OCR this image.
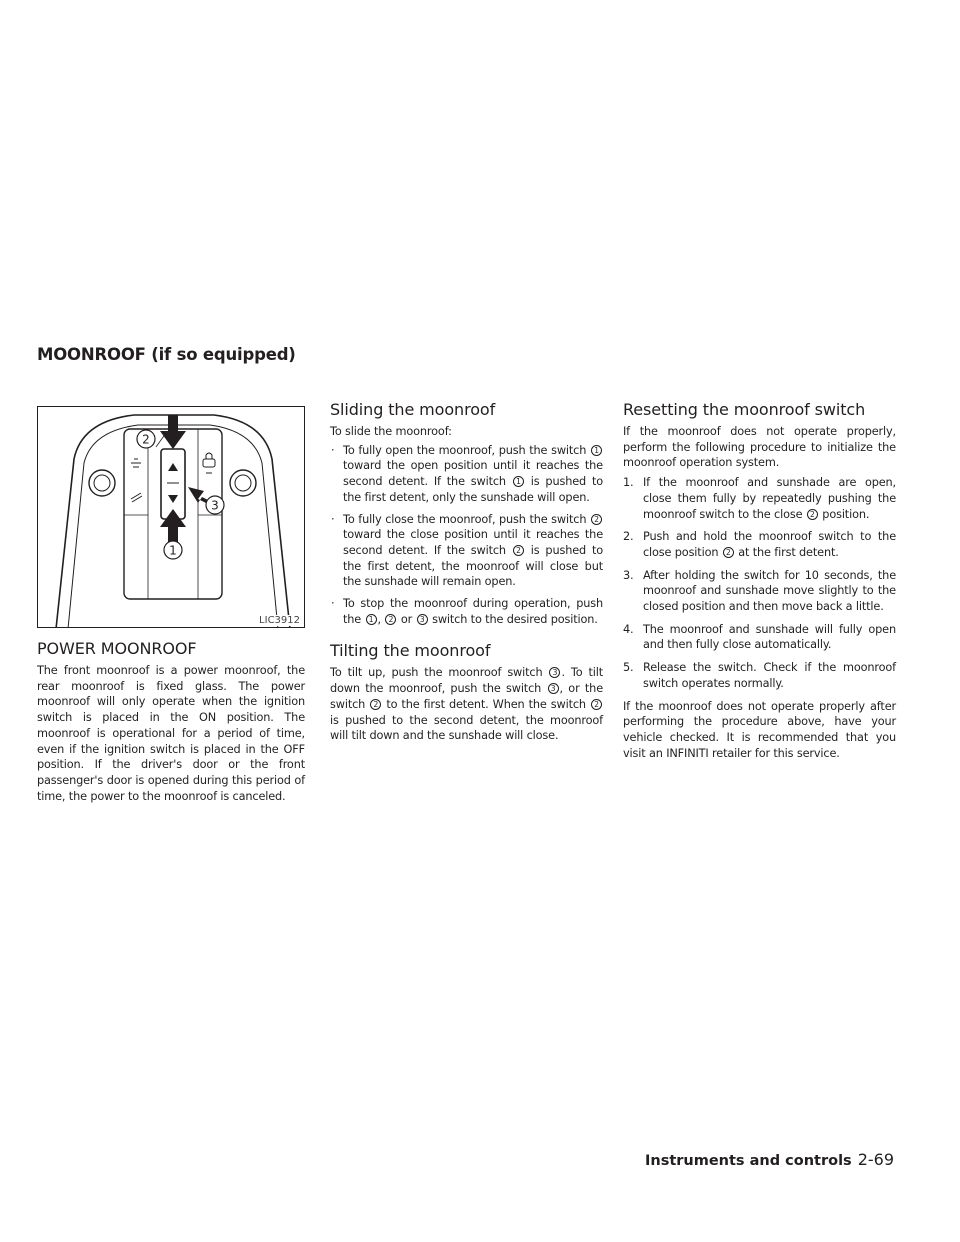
MOONROOF (if so equipped)
1
2
3
LIC3912
POWER MOONROOF

The front moonroof is a power moonroof, the rear moonroof is fixed glass. The power moonroof will only operate when the ignition switch is placed in the ON position. The moonroof is operational for a period of time, even if the ignition switch is placed in the OFF position. If the driver's door or the front passenger's door is opened during this period of time, the power to the moonroof is canceled.

Sliding the moonroof

To slide the moonroof:

· To fully open the moonroof, push the switch 1 toward the open position until it reaches the second detent. If the switch 1 is pushed to the first detent, only the sunshade will open.

· To fully close the moonroof, push the switch 2 toward the close position until it reaches the second detent. If the switch 2 is pushed to the first detent, the moonroof will close but the sunshade will remain open.

· To stop the moonroof during operation, push the 1 , 2 or 3 switch to the desired position.

Tilting the moonroof

To tilt up, push the moonroof switch 3 . To tilt down the moonroof, push the switch 3 , or the switch 2 to the first detent. When the switch 2 is pushed to the second detent, the moonroof will tilt down and the sunshade will close.

Resetting the moonroof switch

If the moonroof does not operate properly, perform the following procedure to initialize the moonroof operation system.

1. If the moonroof and sunshade are open, close them fully by repeatedly pushing the moonroof switch to the close 2 position.

2. Push and hold the moonroof switch to the close position 2 at the first detent.

3. After holding the switch for 10 seconds, the moonroof and sunshade move slightly to the closed position and then move back a little.

4. The moonroof and sunshade will fully open and then fully close automatically.

5. Release the switch. Check if the moonroof switch operates normally.

If the moonroof does not operate properly after performing the procedure above, have your vehicle checked. It is recommended that you visit an INFINITI retailer for this service.

Instruments and controls 2-69
